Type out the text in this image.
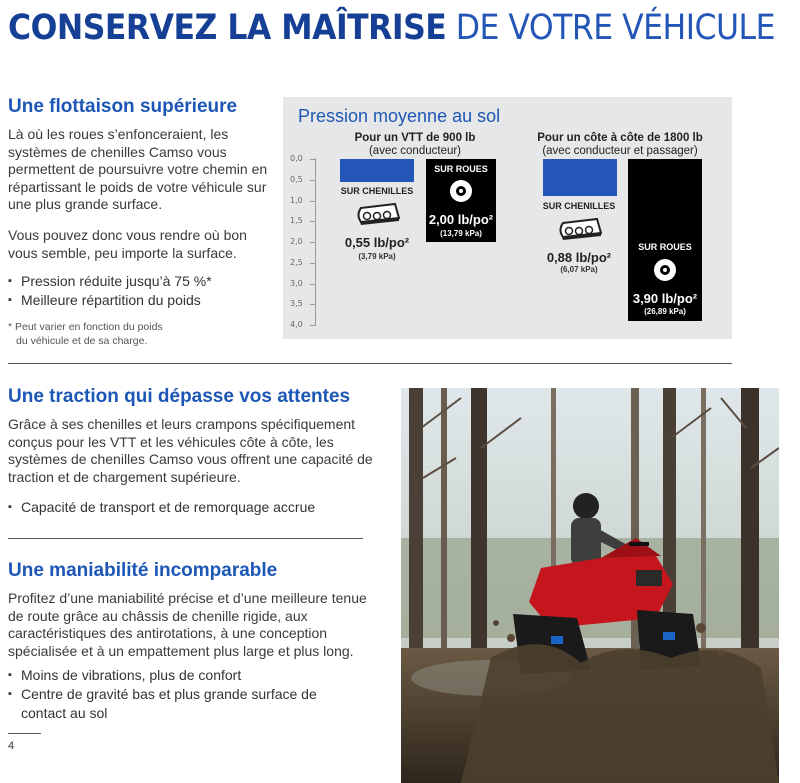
CONSERVEZ LA MAÎTRISE DE VOTRE VÉHICULE
Une flottaison supérieure
Là où les roues s’enfonceraient, les systèmes de chenilles Camso vous permettent de poursuivre votre chemin en répartissant le poids de votre véhicule sur une plus grande surface.
Vous pouvez donc vous rendre où bon vous semble, peu importe la surface.
▪ Pression réduite jusqu’à 75 %*
▪ Meilleure répartition du poids
* Peut varier en fonction du poids
du véhicule et de sa charge.
Pression moyenne au sol
Pour un VTT de 900 lb
(avec conducteur)
Pour un côte à côte de 1800 lb
(avec conducteur et passager)
0,0
0,5
1,0
1,5
2,0
2,5
3,0
3,5
4,0
SUR CHENILLES
0,55 lb/po²
(3,79 kPa)
SUR ROUES
2,00 lb/po²
(13,79 kPa)
SUR CHENILLES
0,88 lb/po²
(6,07 kPa)
SUR ROUES
3,90 lb/po²
(26,89 kPa)
Une traction qui dépasse vos attentes
Grâce à ses chenilles et leurs crampons spécifiquement conçus pour les VTT et les véhicules côte à côte, les systèmes de chenilles Camso vous offrent une capacité de traction et de chargement supérieure.
▪ Capacité de transport et de remorquage accrue
Une maniabilité incomparable
Profitez d’une maniabilité précise et d’une meilleure tenue de route grâce au châssis de chenille rigide, aux caractéristiques des antirotations, à une conception spécialisée et à un empattement plus large et plus long.
▪ Moins de vibrations, plus de confort
▪ Centre de gravité bas et plus grande surface de contact au sol
4
